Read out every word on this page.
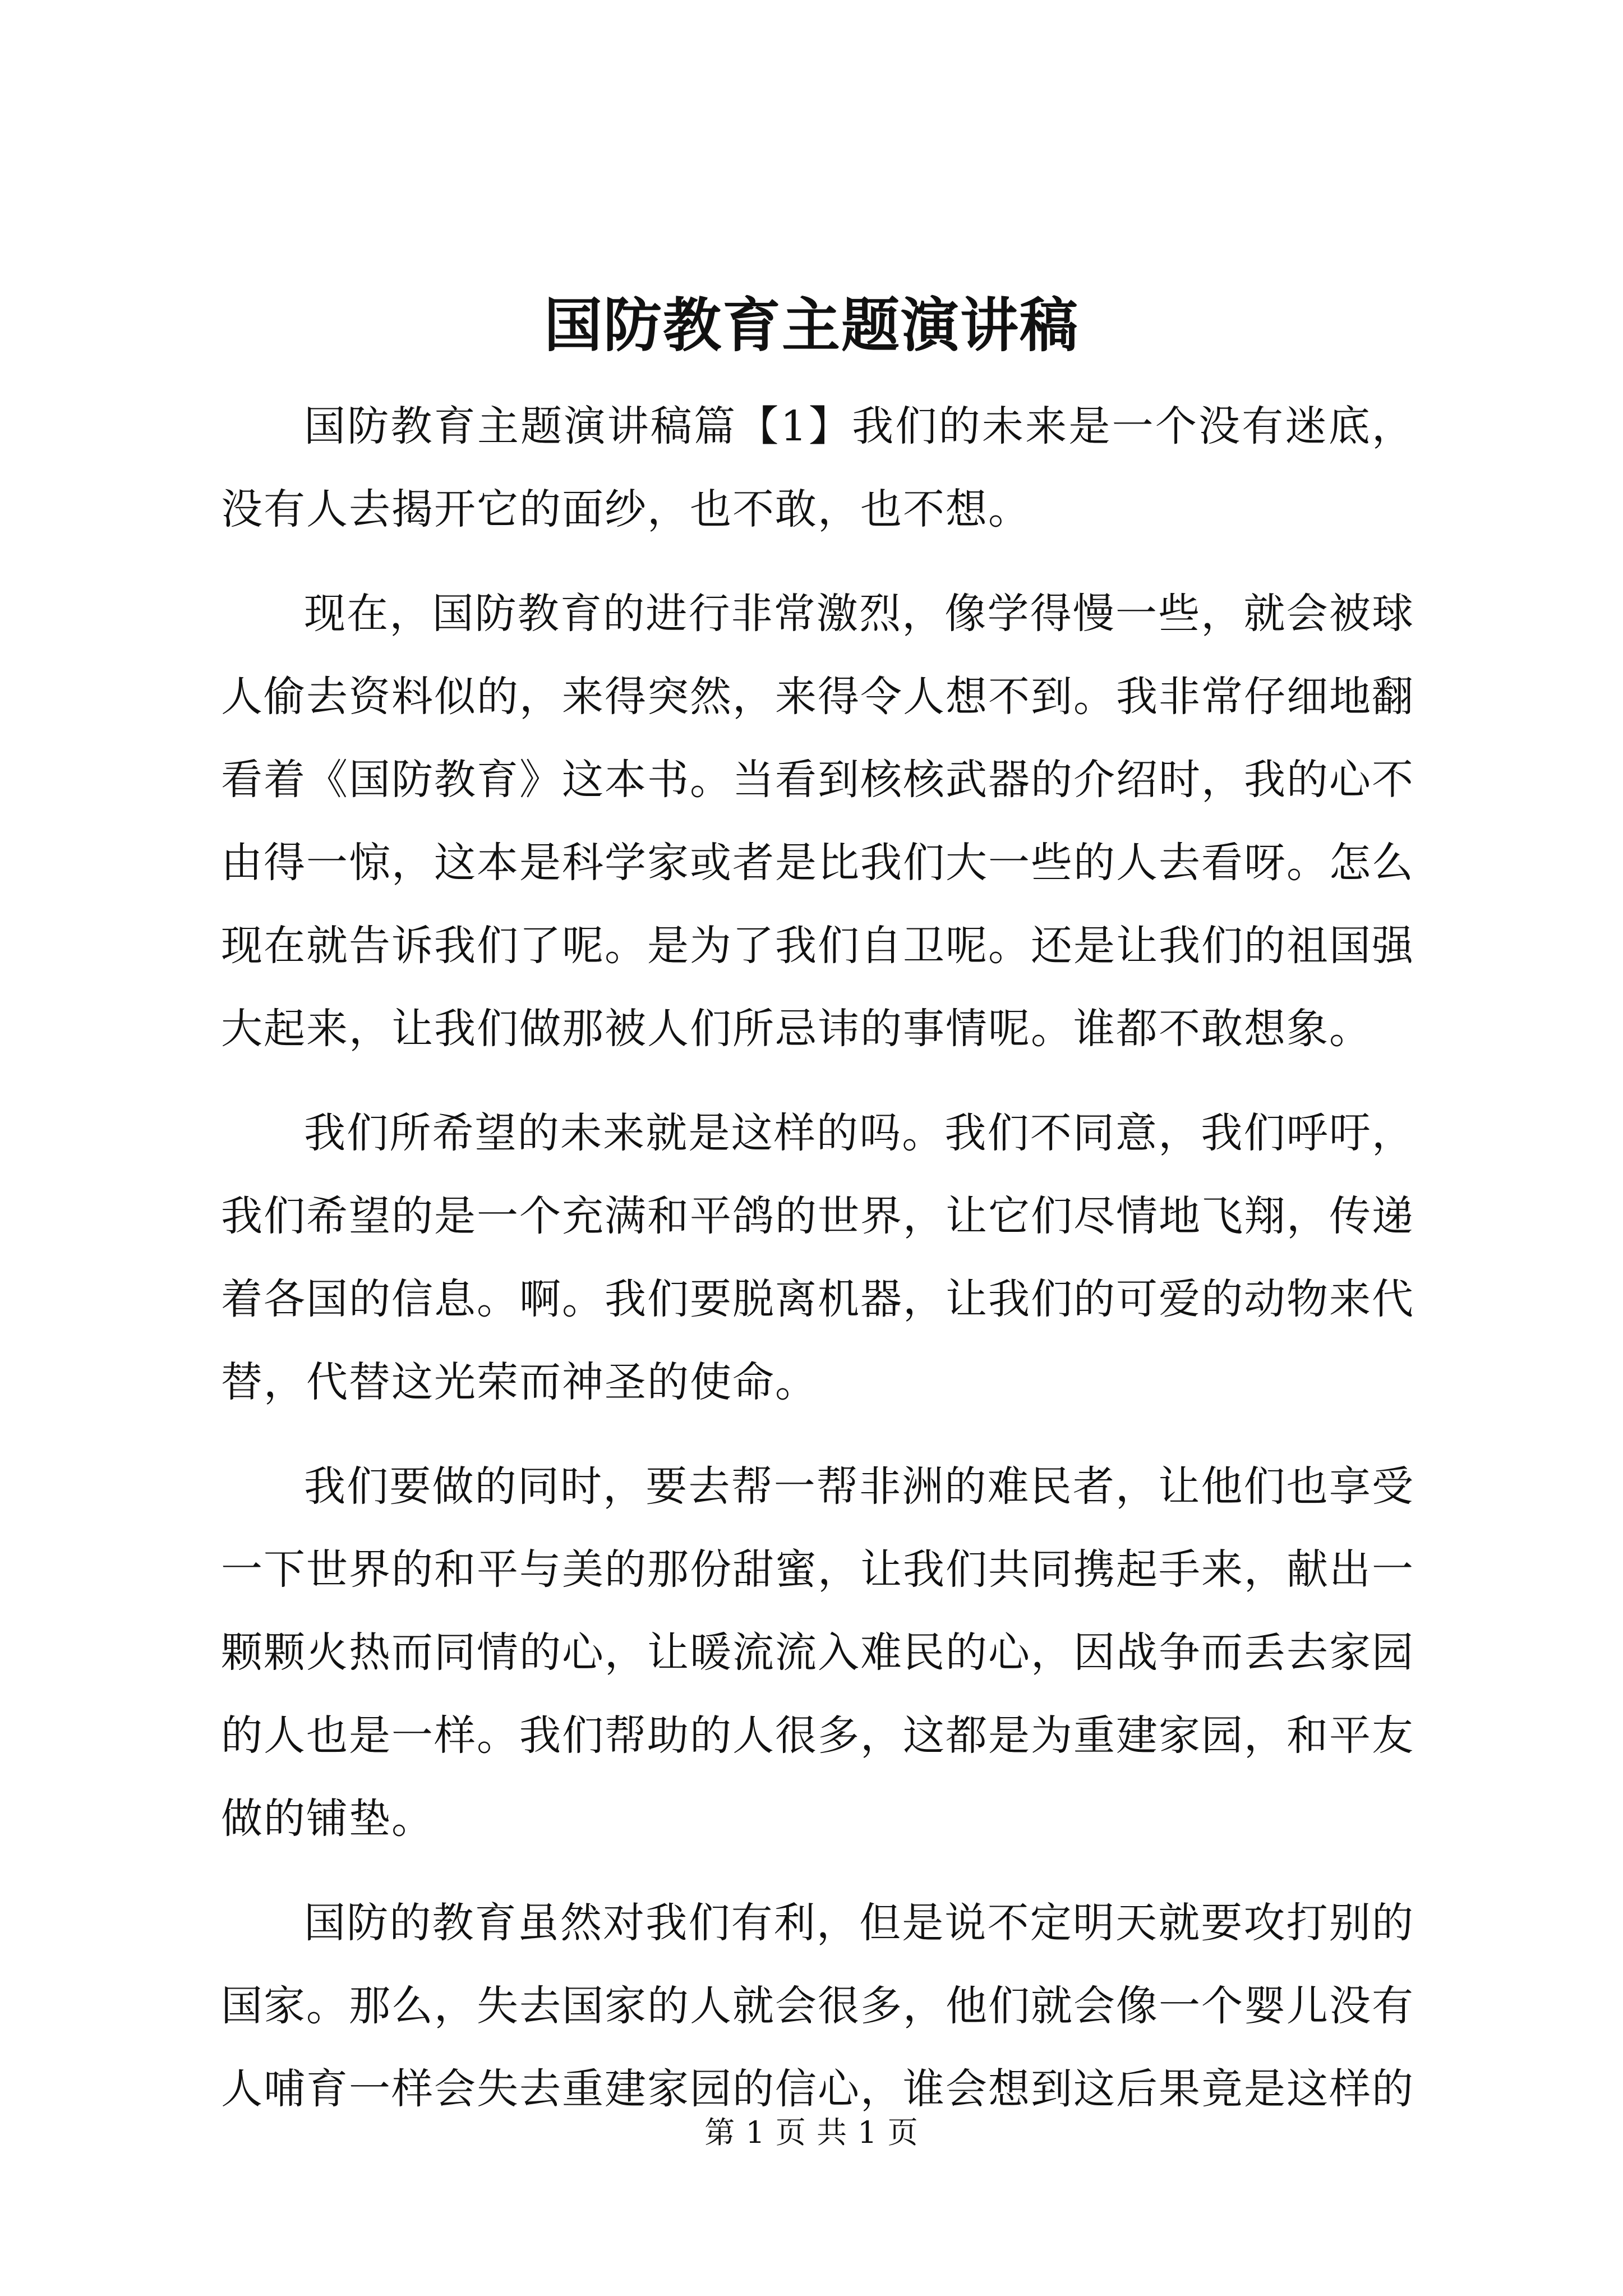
国防教育主题演讲稿

国防教育主题演讲稿篇【1】我们的未来是一个没有迷底，没有人去揭开它的面纱，也不敢，也不想。

现在，国防教育的进行非常激烈，像学得慢一些，就会被球人偷去资料似的，来得突然，来得令人想不到。我非常仔细地翻看着《国防教育》这本书。当看到核核武器的介绍时，我的心不由得一惊，这本是科学家或者是比我们大一些的人去看呀。怎么现在就告诉我们了呢。是为了我们自卫呢。还是让我们的祖国强大起来，让我们做那被人们所忌讳的事情呢。谁都不敢想象。

我们所希望的未来就是这样的吗。我们不同意，我们呼吁，我们希望的是一个充满和平鸽的世界，让它们尽情地飞翔，传递着各国的信息。啊。我们要脱离机器，让我们的可爱的动物来代替，代替这光荣而神圣的使命。

我们要做的同时，要去帮一帮非洲的难民者，让他们也享受一下世界的和平与美的那份甜蜜，让我们共同携起手来，献出一颗颗火热而同情的心，让暖流流入难民的心，因战争而丢去家园的人也是一样。我们帮助的人很多，这都是为重建家园，和平友做的铺垫。

国防的教育虽然对我们有利，但是说不定明天就要攻打别的国家。那么，失去国家的人就会很多，他们就会像一个婴儿没有人哺育一样会失去重建家园的信心，谁会想到这后果竟是这样的

第 1 页 共 1 页
